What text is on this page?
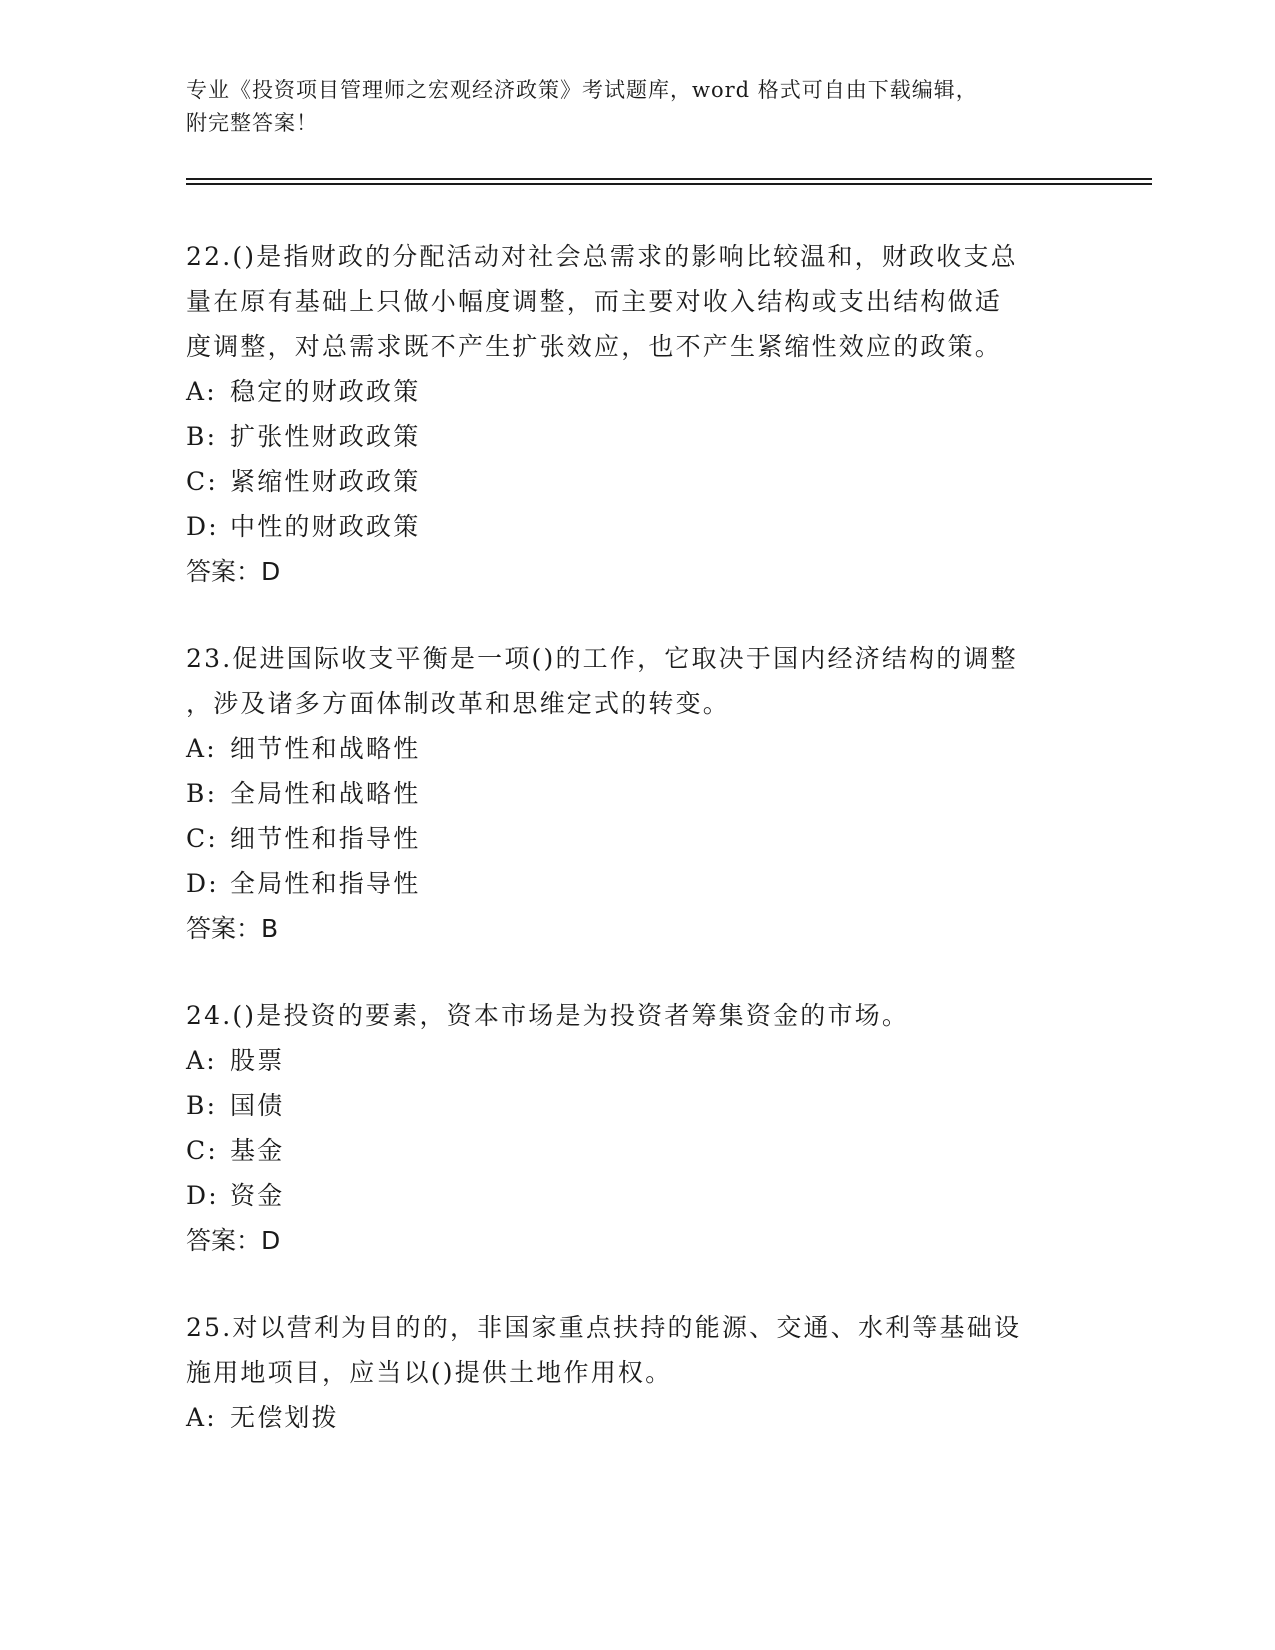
专业《投资项目管理师之宏观经济政策》考试题库，word 格式可自由下载编辑，
附完整答案！
22.()是指财政的分配活动对社会总需求的影响比较温和，财政收支总
量在原有基础上只做小幅度调整，而主要对收入结构或支出结构做适
度调整，对总需求既不产生扩张效应，也不产生紧缩性效应的政策。
A: 稳定的财政政策
B: 扩张性财政政策
C: 紧缩性财政政策
D: 中性的财政政策
答案：D
23.促进国际收支平衡是一项()的工作，它取决于国内经济结构的调整
，涉及诸多方面体制改革和思维定式的转变。
A: 细节性和战略性
B: 全局性和战略性
C: 细节性和指导性
D: 全局性和指导性
答案：B
24.()是投资的要素，资本市场是为投资者筹集资金的市场。
A: 股票
B: 国债
C: 基金
D: 资金
答案：D
25.对以营利为目的的，非国家重点扶持的能源、交通、水利等基础设
施用地项目，应当以()提供土地作用权。
A: 无偿划拨
